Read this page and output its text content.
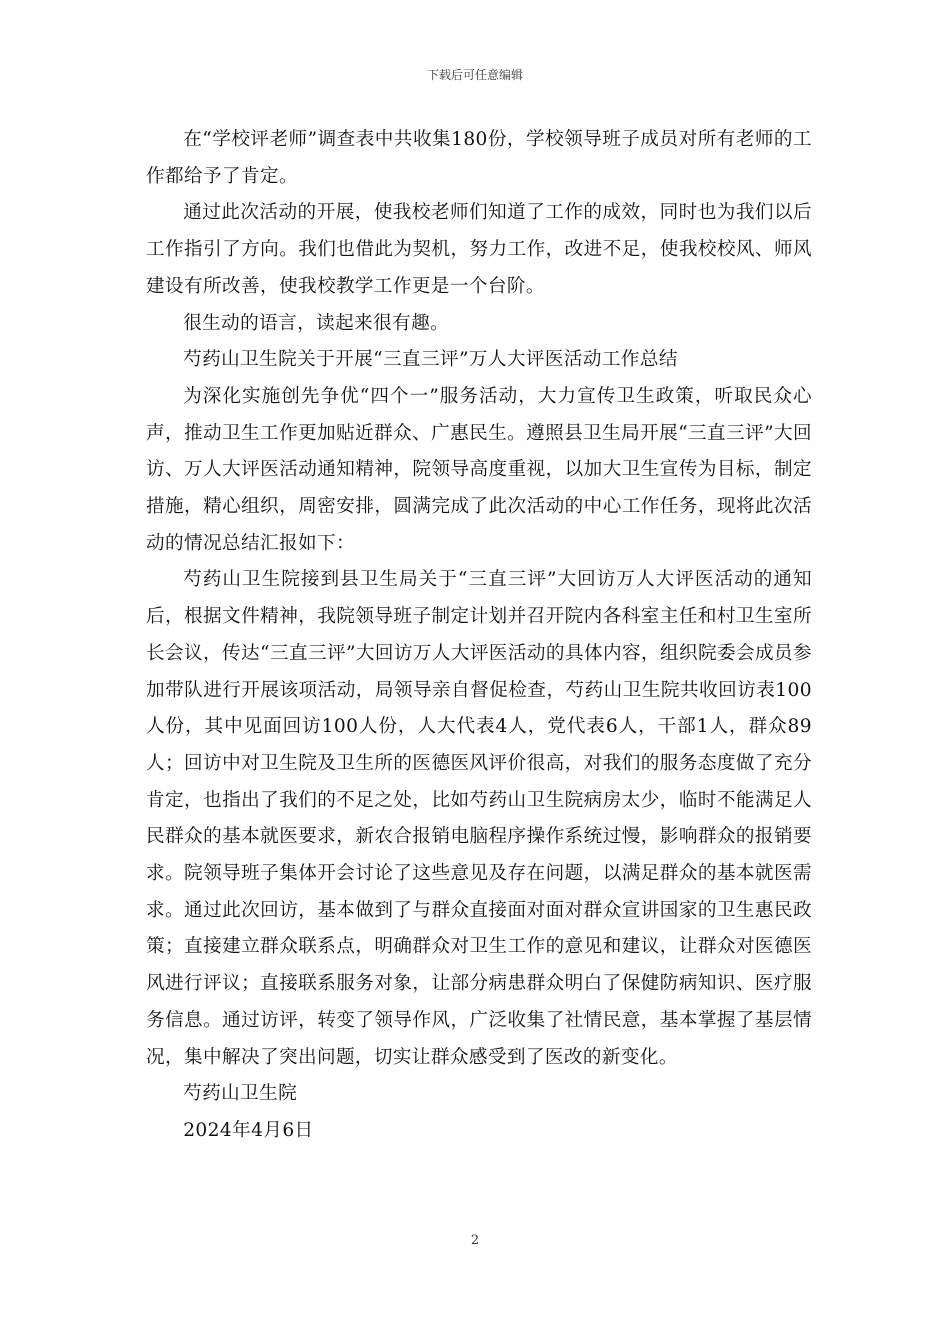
下载后可任意编辑

在“学校评老师”调查表中共收集180份，学校领导班子成员对所有老师的工作都给予了肯定。

通过此次活动的开展，使我校老师们知道了工作的成效，同时也为我们以后工作指引了方向。我们也借此为契机，努力工作，改进不足，使我校校风、师风建设有所改善，使我校教学工作更是一个台阶。

很生动的语言，读起来很有趣。

芍药山卫生院关于开展“三直三评”万人大评医活动工作总结

为深化实施创先争优“四个一”服务活动，大力宣传卫生政策，听取民众心声，推动卫生工作更加贴近群众、广惠民生。遵照县卫生局开展“三直三评”大回访、万人大评医活动通知精神，院领导高度重视，以加大卫生宣传为目标，制定措施，精心组织，周密安排，圆满完成了此次活动的中心工作任务，现将此次活动的情况总结汇报如下：

芍药山卫生院接到县卫生局关于“三直三评”大回访万人大评医活动的通知后，根据文件精神，我院领导班子制定计划并召开院内各科室主任和村卫生室所长会议，传达“三直三评”大回访万人大评医活动的具体内容，组织院委会成员参加带队进行开展该项活动，局领导亲自督促检查，芍药山卫生院共收回访表100人份，其中见面回访100人份，人大代表4人，党代表6人，干部1人，群众89人；回访中对卫生院及卫生所的医德医风评价很高，对我们的服务态度做了充分肯定，也指出了我们的不足之处，比如芍药山卫生院病房太少，临时不能满足人民群众的基本就医要求，新农合报销电脑程序操作系统过慢，影响群众的报销要求。院领导班子集体开会讨论了这些意见及存在问题，以满足群众的基本就医需求。通过此次回访，基本做到了与群众直接面对面对群众宣讲国家的卫生惠民政策；直接建立群众联系点，明确群众对卫生工作的意见和建议，让群众对医德医风进行评议；直接联系服务对象，让部分病患群众明白了保健防病知识、医疗服务信息。通过访评，转变了领导作风，广泛收集了社情民意，基本掌握了基层情况，集中解决了突出问题，切实让群众感受到了医改的新变化。

芍药山卫生院

2024年4月6日

2
